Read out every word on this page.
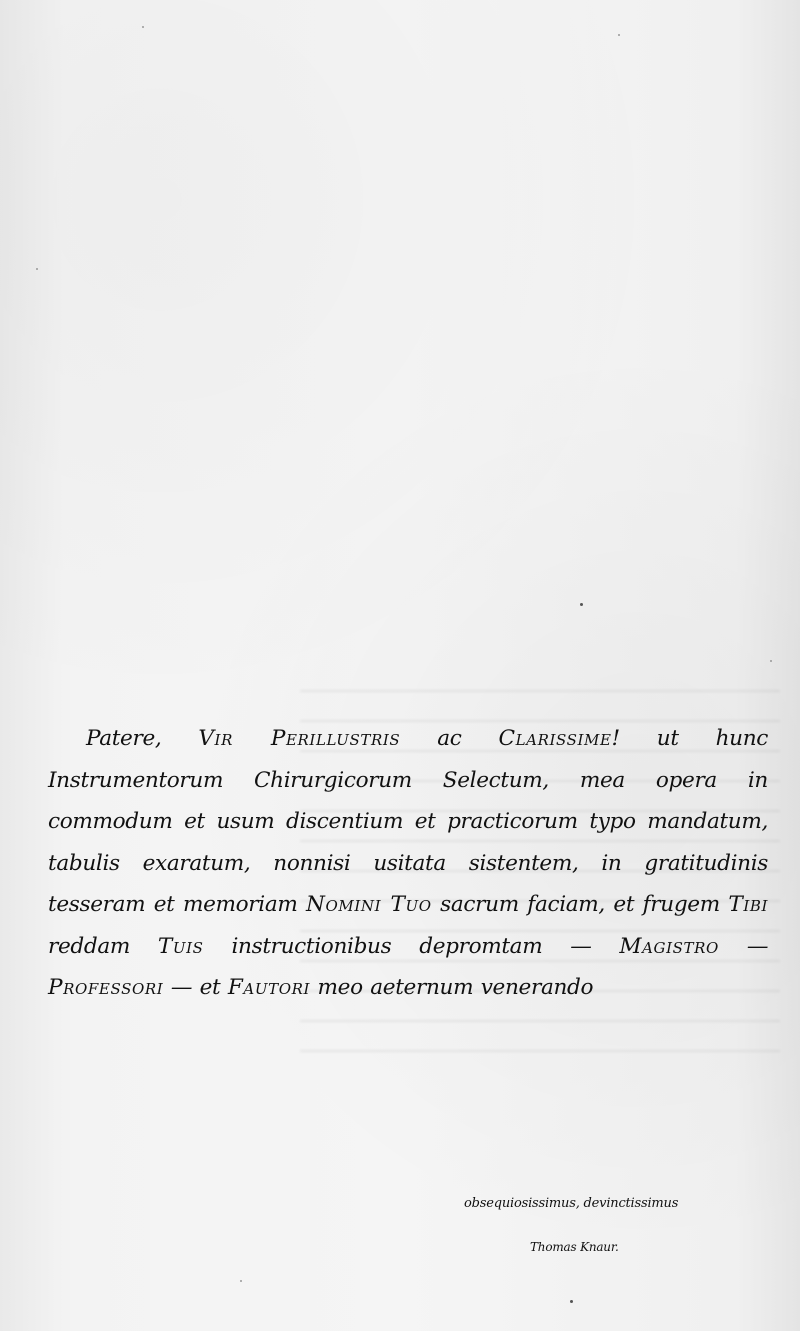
Patere, Vir Perillustris ac Clarissime! ut hunc Instrumentorum Chirurgicorum Selectum, mea opera in commodum et usum discentium et practicorum typo mandatum, tabulis exaratum, nonnisi usitata sistentem, in gratitudinis tesseram et memoriam Nomini Tuo sacrum faciam, et frugem Tibi reddam Tuis instructionibus depromtam — Magistro — Professori — et Fautori meo aeternum venerando
obsequiosissimus, devinctissimus
Thomas Knaur.
